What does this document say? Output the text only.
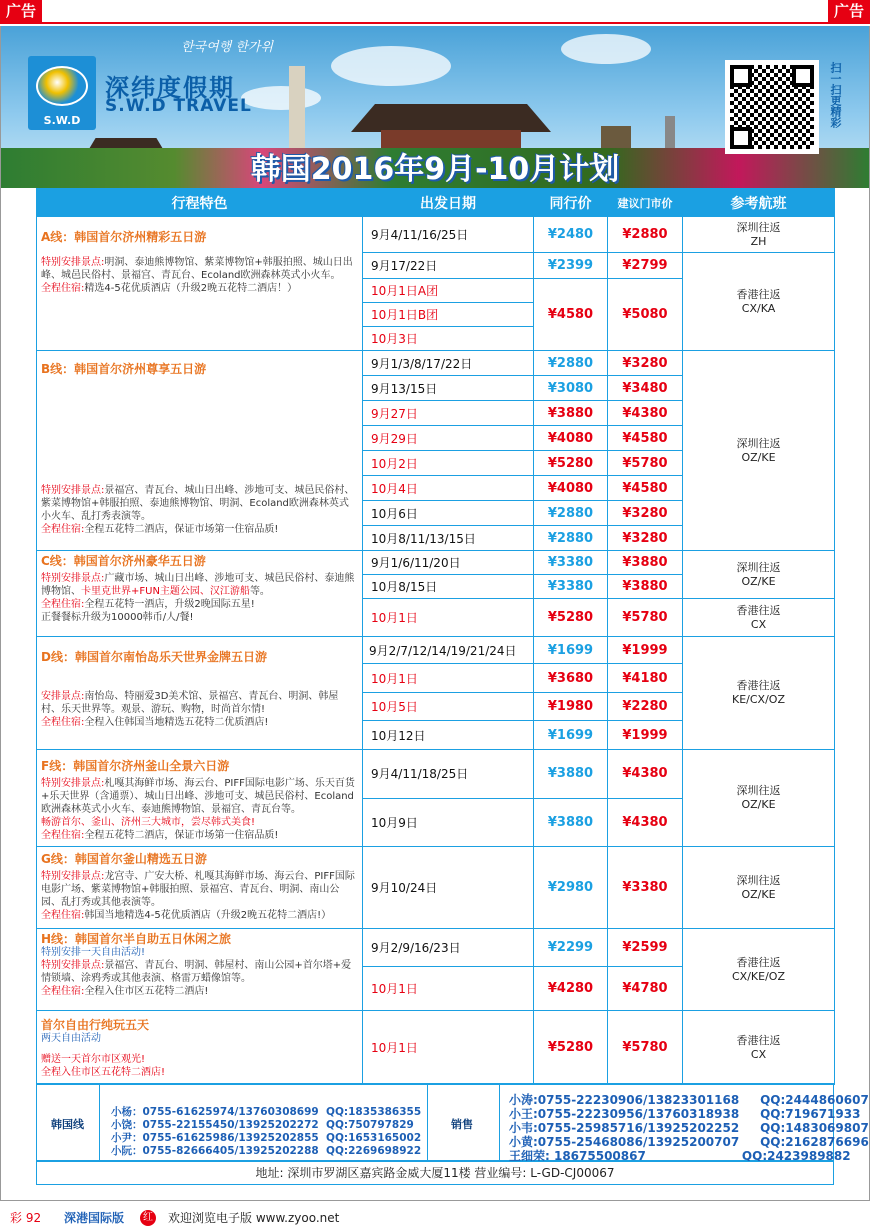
广告	广告
한국여행 한가위
S.W.D
深纬度假期
S.W.D TRAVEL	扫一扫更精彩
韩国2016年9月-10月计划
行程特色	出发日期	同行价	建议门市价	参考航班

A线：韩国首尔济州精彩五日游
特别安排景点:明洞、泰迪熊博物馆、紫菜博物馆+韩服拍照、城山日出峰、城邑民俗村、景福宫、青瓦台、Ecoland欧洲森林英式小火车。
全程住宿:精选4-5花优质酒店（升级2晚五花特二酒店！）	9月4/11/16/25日	¥2480	¥2880	深圳往返
ZH

	9月17/22日	¥2399	¥2799	香港往返
CX/KA

	10月1日A团	¥4580	¥5080	
	10月1日B团			
	10月3日			

B线：韩国首尔济州尊享五日游
特别安排景点:景福宫、青瓦台、城山日出峰、涉地可支、城邑民俗村、紫菜博物馆+韩服拍照、泰迪熊博物馆、明洞、Ecoland欧洲森林英式小火车、乱打秀表演等。
全程住宿:全程五花特二酒店，保证市场第一住宿品质!	9月1/3/8/17/22日	¥2880	¥3280	深圳往返
OZ/KE

	9月13/15日	¥3080	¥3480	
	9月27日	¥3880	¥4380	
	9月29日	¥4080	¥4580	
	10月2日	¥5280	¥5780	
	10月4日	¥4080	¥4580	
	10月6日	¥2880	¥3280	
	10月8/11/13/15日	¥2880	¥3280	

C线：韩国首尔济州豪华五日游
特别安排景点:广藏市场、城山日出峰、涉地可支、城邑民俗村、泰迪熊博物馆、卡里克世界+FUN主题公园、汉江游船等。
全程住宿:全程五花特一酒店，升级2晚国际五星!
正餐餐标升级为10000韩币/人/餐!	9月1/6/11/20日	¥3380	¥3880	深圳往返
OZ/KE

	10月8/15日	¥3380	¥3880	
	10月1日	¥5280	¥5780	香港往返
CX

D线：韩国首尔南怡岛乐天世界金牌五日游
安排景点:南怡岛、特丽爱3D美术馆、景福宫、青瓦台、明洞、韩屋村、乐天世界等。观景、游玩、购物，时尚首尔情!
全程住宿:全程入住韩国当地精选五花特二优质酒店!	9月2/7/12/14/19/21/24日	¥1699	¥1999	香港往返
KE/CX/OZ

	10月1日	¥3680	¥4180	
	10月5日	¥1980	¥2280	
	10月12日	¥1699	¥1999	

F线：韩国首尔济州釜山全景六日游
特别安排景点:札嘎其海鲜市场、海云台、PIFF国际电影广场、乐天百货+乐天世界（含通票）、城山日出峰、涉地可支、城邑民俗村、Ecoland欧洲森林英式小火车、泰迪熊博物馆、景福宫、青瓦台等。
畅游首尔、釜山、济州三大城市，尝尽韩式美食!
全程住宿:全程五花特二酒店，保证市场第一住宿品质!	9月4/11/18/25日	¥3880	¥4380	深圳往返
OZ/KE

	10月9日	¥3880	¥4380	

G线：韩国首尔釜山精选五日游
特别安排景点:龙宫寺、广安大桥、札嘎其海鲜市场、海云台、PIFF国际电影广场、紫菜博物馆+韩服拍照、景福宫、青瓦台、明洞、南山公园、乱打秀或其他表演等。
全程住宿:韩国当地精选4-5花优质酒店（升级2晚五花特二酒店!）	9月10/24日	¥2980	¥3380	深圳往返
OZ/KE

H线：韩国首尔半自助五日休闲之旅
特别安排一天自由活动!
特别安排景点:景福宫、青瓦台、明洞、韩屋村、南山公园+首尔塔+爱情锁墙、涂鸦秀或其他表演、格雷万蜡像馆等。
全程住宿:全程入住市区五花特二酒店!	9月2/9/16/23日	¥2299	¥2599	香港往返
CX/KE/OZ

	10月1日	¥4280	¥4780	

首尔自由行纯玩五天
两天自由活动
赠送一天首尔市区观光!
全程入住市区五花特二酒店!	10月1日	¥5280	¥5780	香港往返
CX
韩国线	销售
小杨：0755-61625974/13760308699  QQ:1835386355
小饶：0755-22155450/13925202272  QQ:750797829
小尹：0755-61625986/13925202855  QQ:1653165002
小阮：0755-82666405/13925202288  QQ:2269698922
小涛:0755-22230906/13823301168     QQ:2444860607
小王:0755-22230956/13760318938     QQ:719671933
小韦:0755-25985716/13925202252     QQ:1483069807
小黄:0755-25468086/13925200707     QQ:2162876696
王细荣: 18675500867                       QQ:2423989882
地址: 深圳市罗湖区嘉宾路金威大厦11楼 营业编号: L-GD-CJ00067
彩 92 深港国际版	红 欢迎浏览电子版 www.zyoo.net
